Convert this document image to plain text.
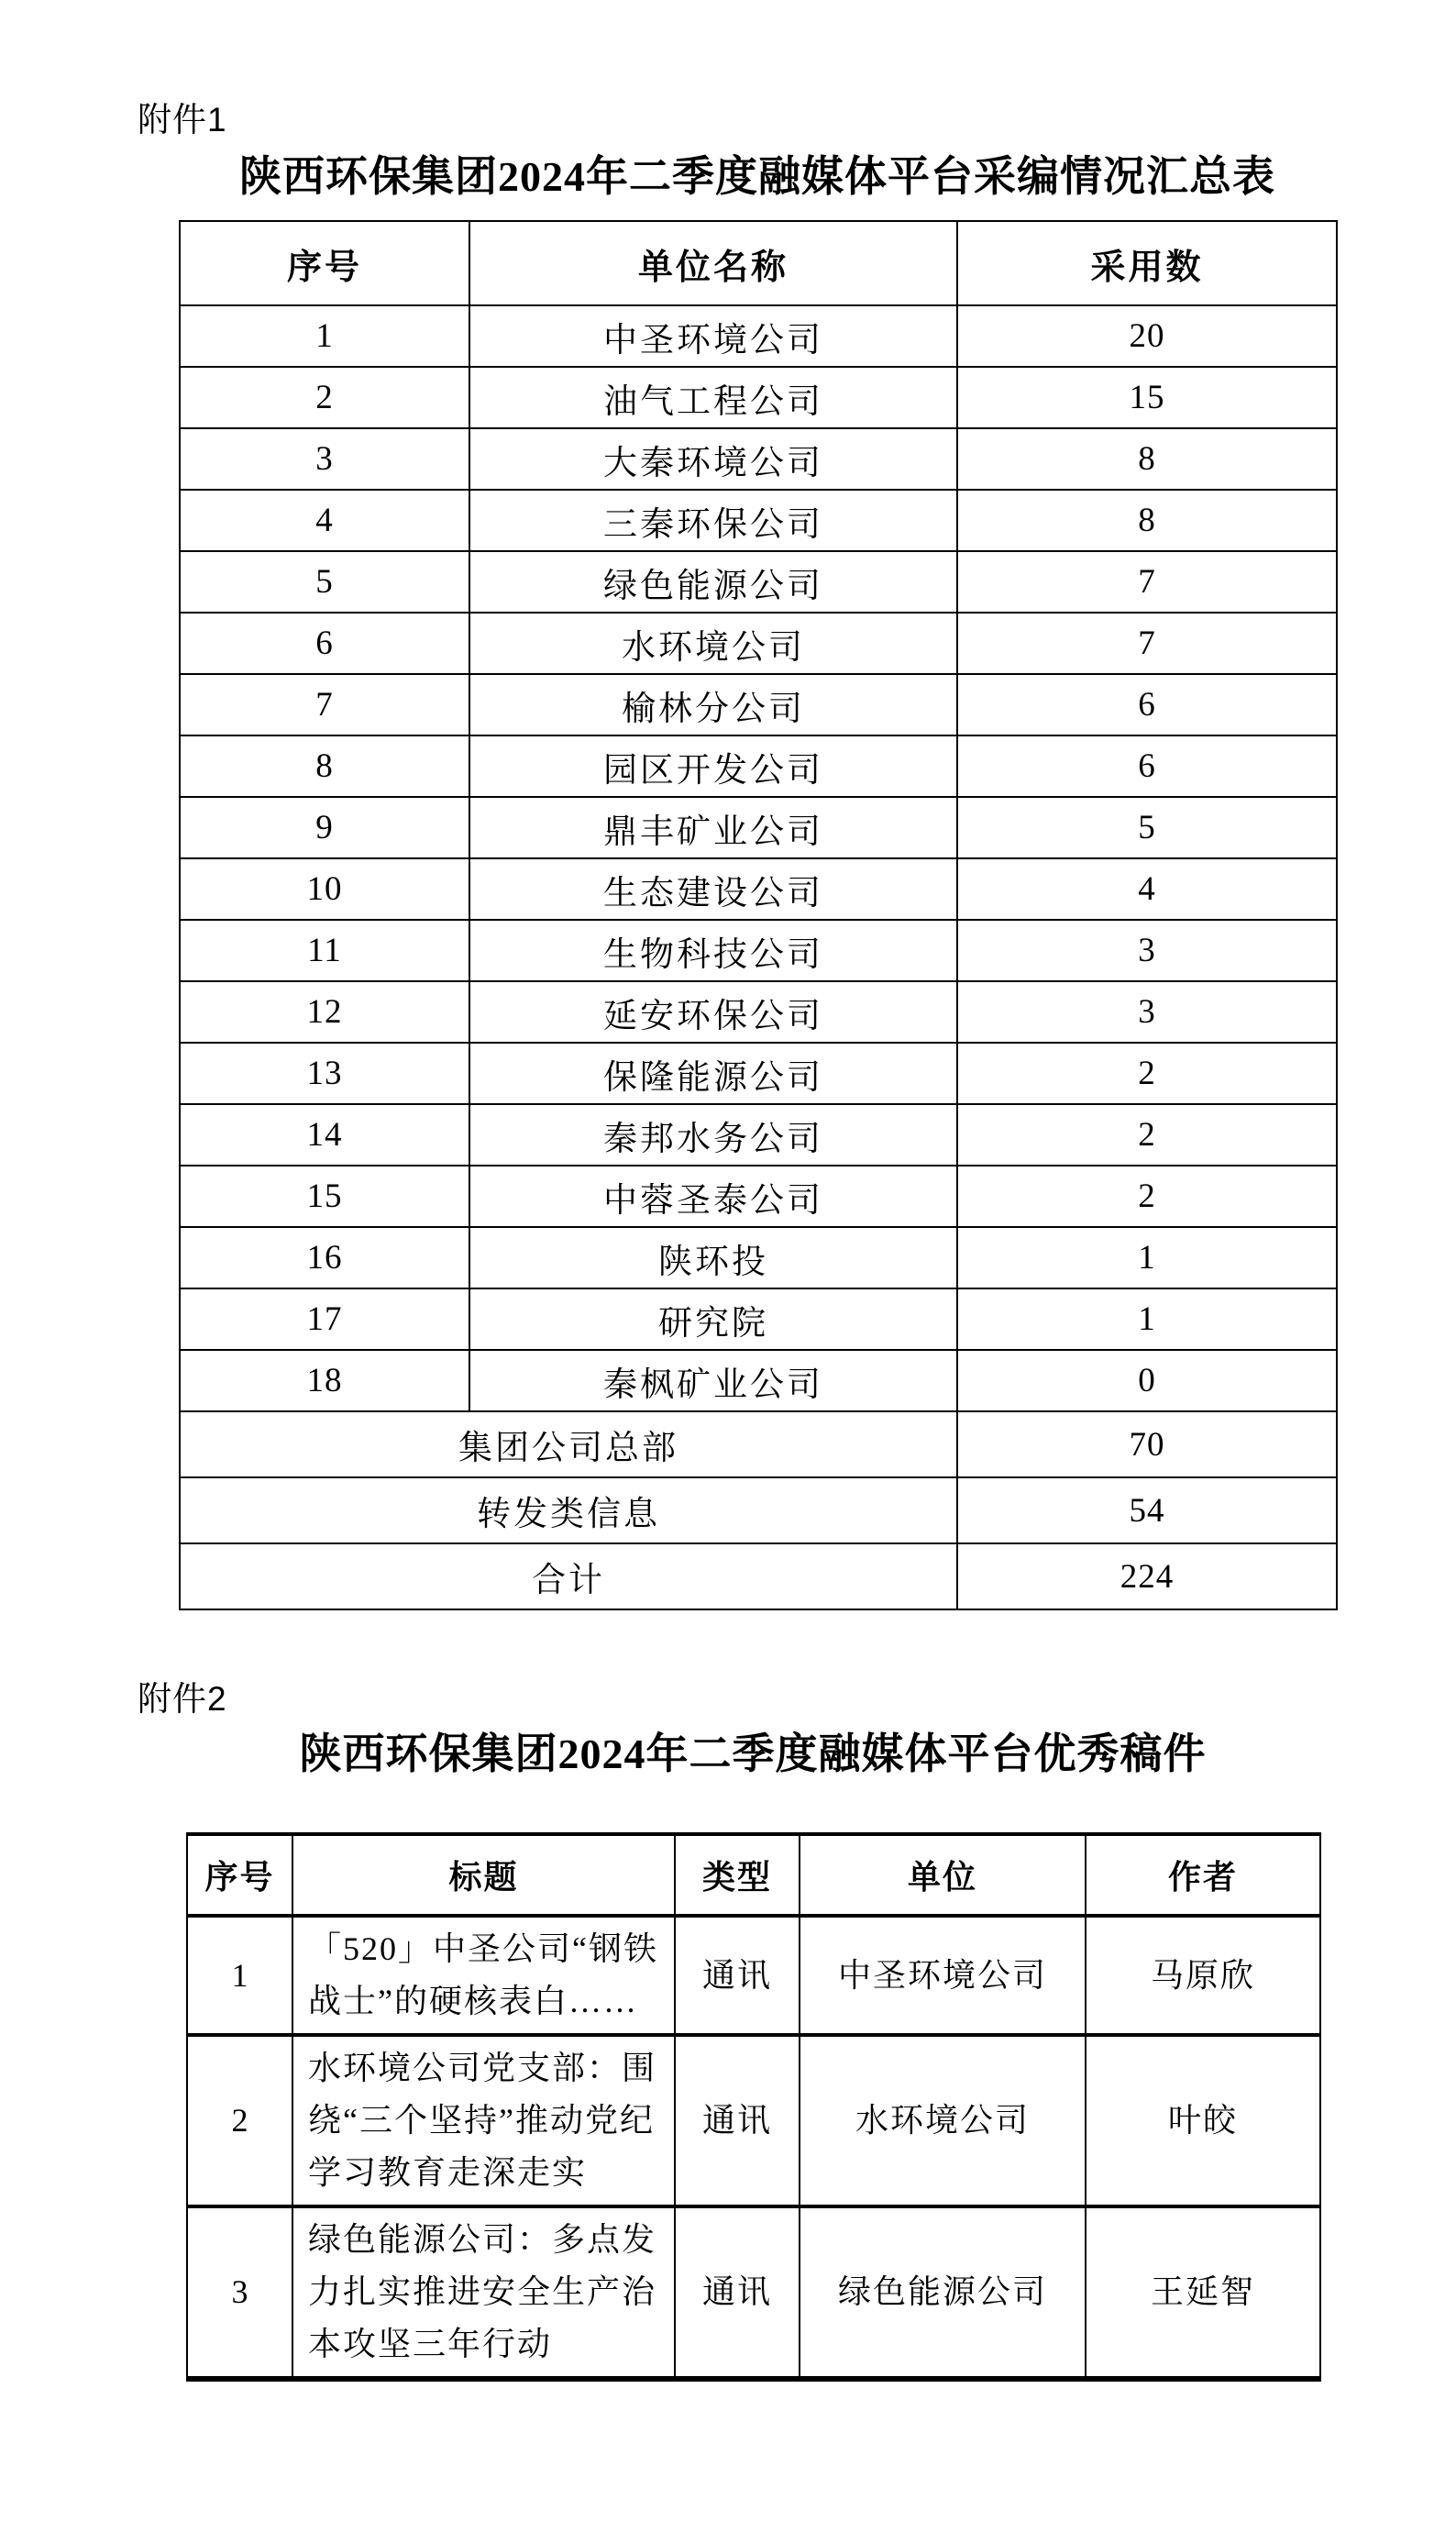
附件1
陕西环保集团2024年二季度融媒体平台采编情况汇总表
序号	单位名称	采用数
1	中圣环境公司	20
2	油气工程公司	15
3	大秦环境公司	8
4	三秦环保公司	8
5	绿色能源公司	7
6	水环境公司	7
7	榆林分公司	6
8	园区开发公司	6
9	鼎丰矿业公司	5
10	生态建设公司	4
11	生物科技公司	3
12	延安环保公司	3
13	保隆能源公司	2
14	秦邦水务公司	2
15	中蓉圣泰公司	2
16	陕环投	1
17	研究院	1
18	秦枫矿业公司	0
集团公司总部		70
转发类信息		54
合计		224
附件2
陕西环保集团2024年二季度融媒体平台优秀稿件
序号	标题	类型	单位	作者
1	「520」中圣公司“钢铁战士”的硬核表白……	通讯	中圣环境公司	马原欣
2	水环境公司党支部：围绕“三个坚持”推动党纪学习教育走深走实	通讯	水环境公司	叶皎
3	绿色能源公司：多点发力扎实推进安全生产治本攻坚三年行动	通讯	绿色能源公司	王延智
